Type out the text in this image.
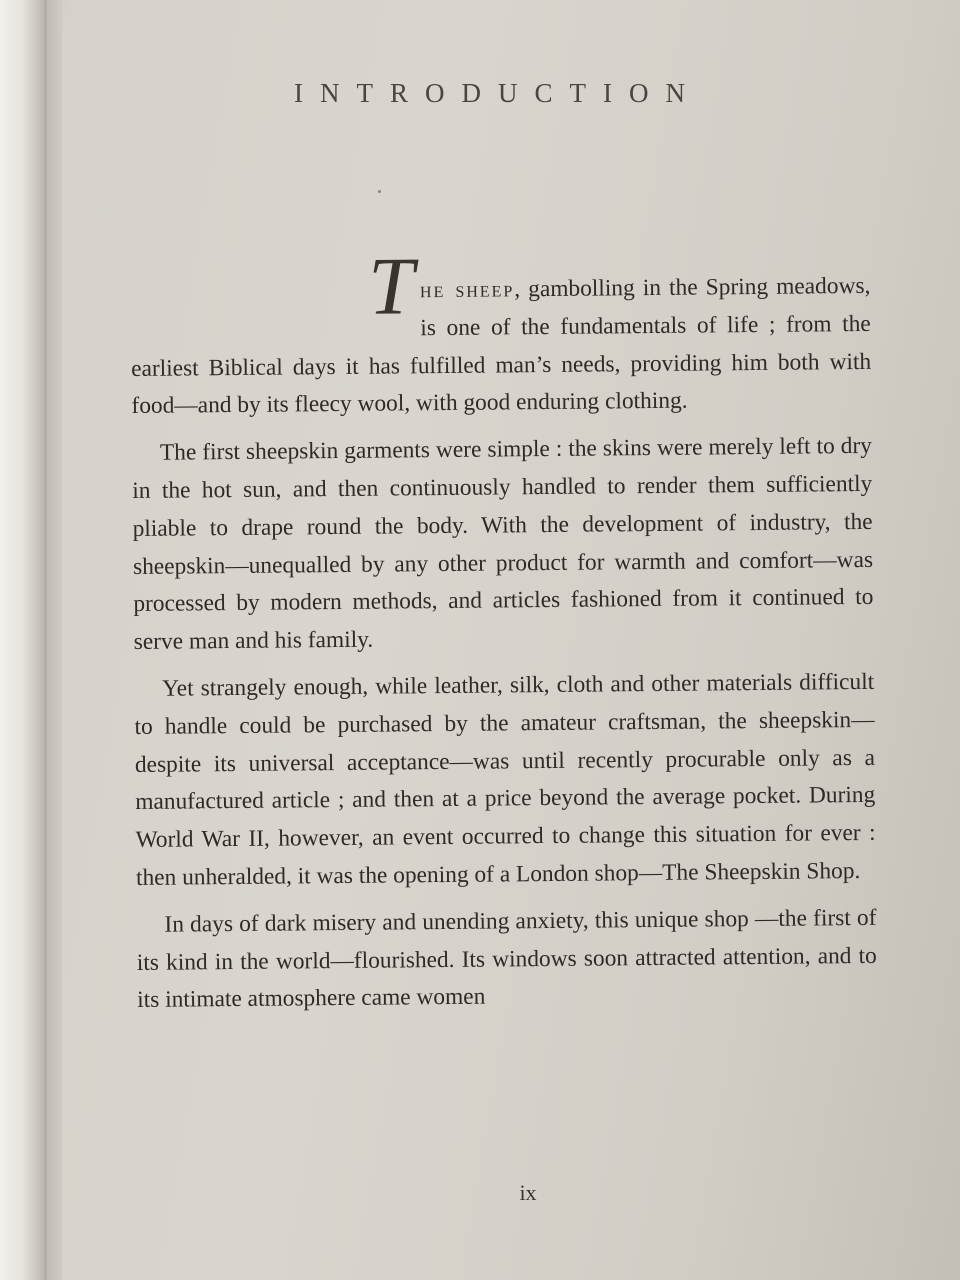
INTRODUCTION

T he sheep, gambolling in the Spring meadows, is one of the fundamentals of life ; from the earliest Biblical days it has fulfilled man’s needs, providing him both with food—and by its fleecy wool, with good enduring clothing.

The first sheepskin garments were simple : the skins were merely left to dry in the hot sun, and then continuously handled to render them sufficiently pliable to drape round the body. With the development of industry, the sheepskin—unequalled by any other product for warmth and comfort—was processed by modern methods, and articles fashioned from it continued to serve man and his family.

Yet strangely enough, while leather, silk, cloth and other materials difficult to handle could be purchased by the amateur craftsman, the sheepskin—despite its universal acceptance—was until recently procurable only as a manufactured article ; and then at a price beyond the average pocket. During World War II, however, an event occurred to change this situation for ever : then unheralded, it was the opening of a London shop—The Sheepskin Shop.

In days of dark misery and unending anxiety, this unique shop —the first of its kind in the world—flourished. Its windows soon attracted attention, and to its intimate atmosphere came women

ix
